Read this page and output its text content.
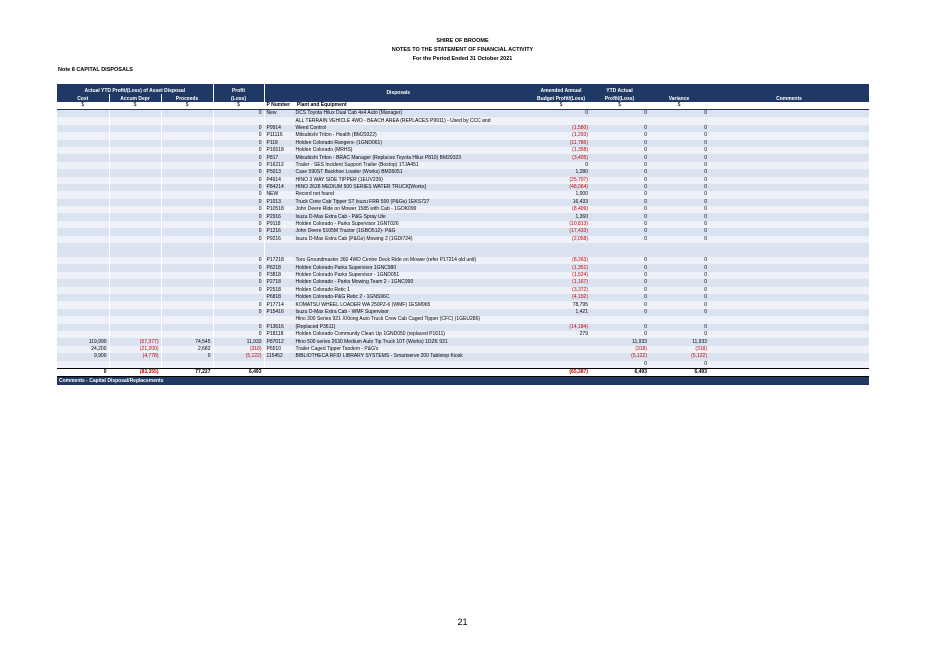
SHIRE OF BROOME
NOTES TO THE STATEMENT OF FINANCIAL ACTIVITY
For the Period Ended 31 October 2021
Note 8 CAPITAL DISPOSALS
Actual YTD Profit/(Loss) of Asset Disposal			Profit	Disposals	Amended Annual	YTD Actual		
Cost	Accum Depr	Proceeds	(Loss)		Budget Profit/(Loss)	Profit/(Loss)	Variance	Comments
$	$	$	$	P Number Plant and Equipment	$	$	$	
			0	New DCS Toyota Hilux Dual Cab 4x4 Auto (Manager)	0	0	0	
				ALL TERRAIN VEHICLE 4WD - BEACH AREA (REPLACES P9911) - Used by CCC and				
			0	P9914 Weed Control	(1,580)	0	0	
			0	P11116 Mitsubishi Triton - Health (BM29322)	(1,293)	0	0	
			0	P118 Holden Colorado Rangers- (1GND061)	(11,786)	0	0	
			0	P16518 Holden Colorado (MRHS)	(1,358)	0	0	
			0	P817 Mitsubishi Triton - BRAC Manager (Replaces Toyota Hilux P810) BM29323	(3,405)	0	0	
			0	P16212 Trailer - SES Incident Support Trailer (Boxtop) 1TJA451	0	0	0	
			0	P5013 Case 590ST Backhoe Loader (Works) BM26051	1,280	0	0	
			0	P4614 HINO 3 WAY SIDE TIPPER (1EUV239)	(25,707)	0	0	
			0	P84214 HINO 2628 MEDIUM 500 SERIES WATER TRUCK[Works]	(48,064)	0	0	
			0	NEW Record not found	1,000	0	0	
			0	P1013 Truck Crew Cab Tipper ST Isuzu FRR 500 (P&Gs) 1EKS727	16,433	0	0	
			0	P10518 John Deere Ride on Mower 1585 with Cab - 1GOK099	(8,409)	0	0	
			0	P2916 Isuzu D-Max Extra Cab - P&G Spray Ute	1,360	0	0	
			0	P9118 Holden Colorado - Parks Supervisor 1GNT026	(10,813)	0	0	
			0	P1216 John Deere 5105M Tractor (1GBO512)- P&G	(17,433)	0	0	
			0	P9216 Isuzu D-Max Extra Cab (P&Gs) Mowing 2 (1GDI724)	(2,058)	0	0	

			0	P17218 Toro Groundmaster 360 4WD Centre Deck Ride on Mower (refer P17214 old unit)	(8,263)	0	0	
			0	P6218 Holden Colorado Parks Supervisor 1GNC980	(1,351)	0	0	
			0	P3818 Holden Colorado Parks Supervisor - 1GND051	(1,524)	0	0	
			0	P2718 Holden Colorado - Parks Mowing Team 2 - 1GNC990	(1,167)	0	0	
			0	P2518 Holden Colorado Retic 1	(3,372)	0	0	
				P6818 Holden Colorado-P&G Retic 2 - 1GNS96C	(4,192)	0	0	
			0	P17714 KOMATSU WHEEL LOADER WA 250PZ-6 (WMF) 1ESM965	78,795	0	0	
			0	P15416 Isuzu D-Max Extra Cab - WMF Supervisor	1,421	0	0	
				Hino 300 Series 921 XXlong Auto Truck Crew Cab Caged Tipper (CFC) (1GEU286)				
			0	P13616 (Replaced P3611)	(14,184)	0	0	
			0	P18118 Holden Colorado Community Clean Up 1GND050 (replaced P1611)	279	0	0	
119,990	(57,377)	74,545	11,933	P87012 Hino 500 series 2630 Medium Auto Tip Truck 10T (Works) 1DZK 931		11,933	11,933	
24,200	(21,200)	2,682	(318)	P6510 Trailer Caged Tipper Tandem - P&G's		(318)	(318)	
9,900	(4,778)	0	(5,122)	115452 BIBLIOTHECA RFID LIBRARY SYSTEMS - Smartserve 200 Tabletop Kiosk		(5,122)	(5,122)	
						0	0	
0	(83,355)	77,227	6,493		(65,387)	6,493	6,493	
Comments - Capital Disposal/Replacements								
21
